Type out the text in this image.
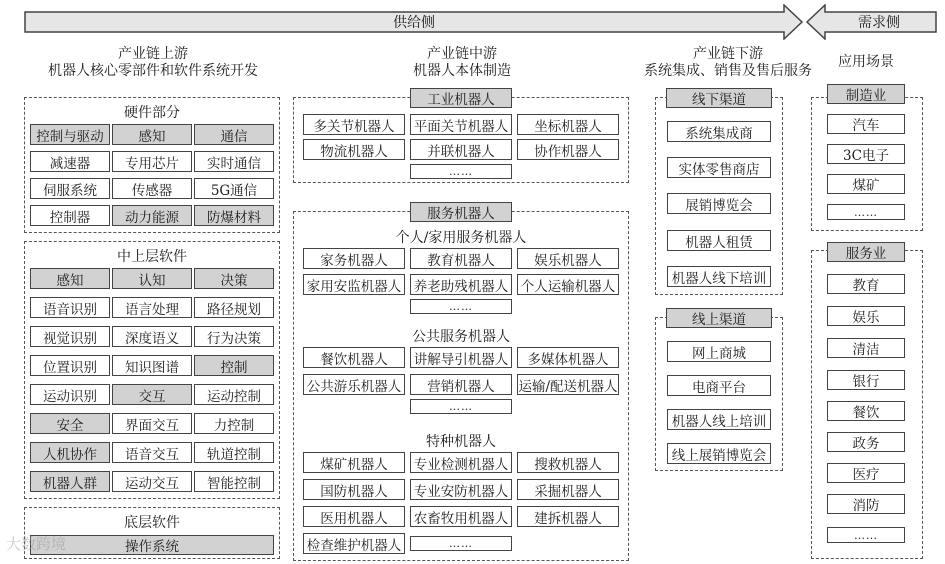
供给侧	需求侧
产业链上游
机器人核心零部件和软件系统开发
产业链中游
机器人本体制造
产业链下游
系统集成、销售及售后服务
应用场景
硬件部分
控制与驱动	感知	通信
减速器	专用芯片	实时通信
伺服系统	传感器	5G通信
控制器	动力能源	防爆材料
中上层软件
感知	认知	决策
语音识别	语言处理	路径规划
视觉识别	深度语义	行为决策
位置识别	知识图谱	控制
运动识别	交互	运动控制
安全	界面交互	力控制
人机协作	语音交互	轨道控制
机器人群	运动交互	智能控制
底层软件
操作系统
工业机器人
多关节机器人	平面关节机器人	坐标机器人
物流机器人	并联机器人	协作机器人
……
服务机器人
个人/家用服务机器人
家务机器人	教育机器人	娱乐机器人
家用安监机器人 养老助残机器人 个人运输机器人
……
公共服务机器人
餐饮机器人	讲解导引机器人	多媒体机器人
公共游乐机器人	营销机器人	运输/配送机器人
……
特种机器人
煤矿机器人	专业检测机器人	搜救机器人
国防机器人	专业安防机器人	采掘机器人
医用机器人	农畜牧用机器人	建拆机器人
检查维护机器人	……
线下渠道
系统集成商
实体零售商店
展销博览会
机器人租赁
机器人线下培训
线上渠道
网上商城
电商平台
机器人线上培训
线上展销博览会
制造业
汽车
3C电子
煤矿
……
服务业
教育
娱乐
清洁
银行
餐饮
政务
医疗
消防
……
大数跨境
